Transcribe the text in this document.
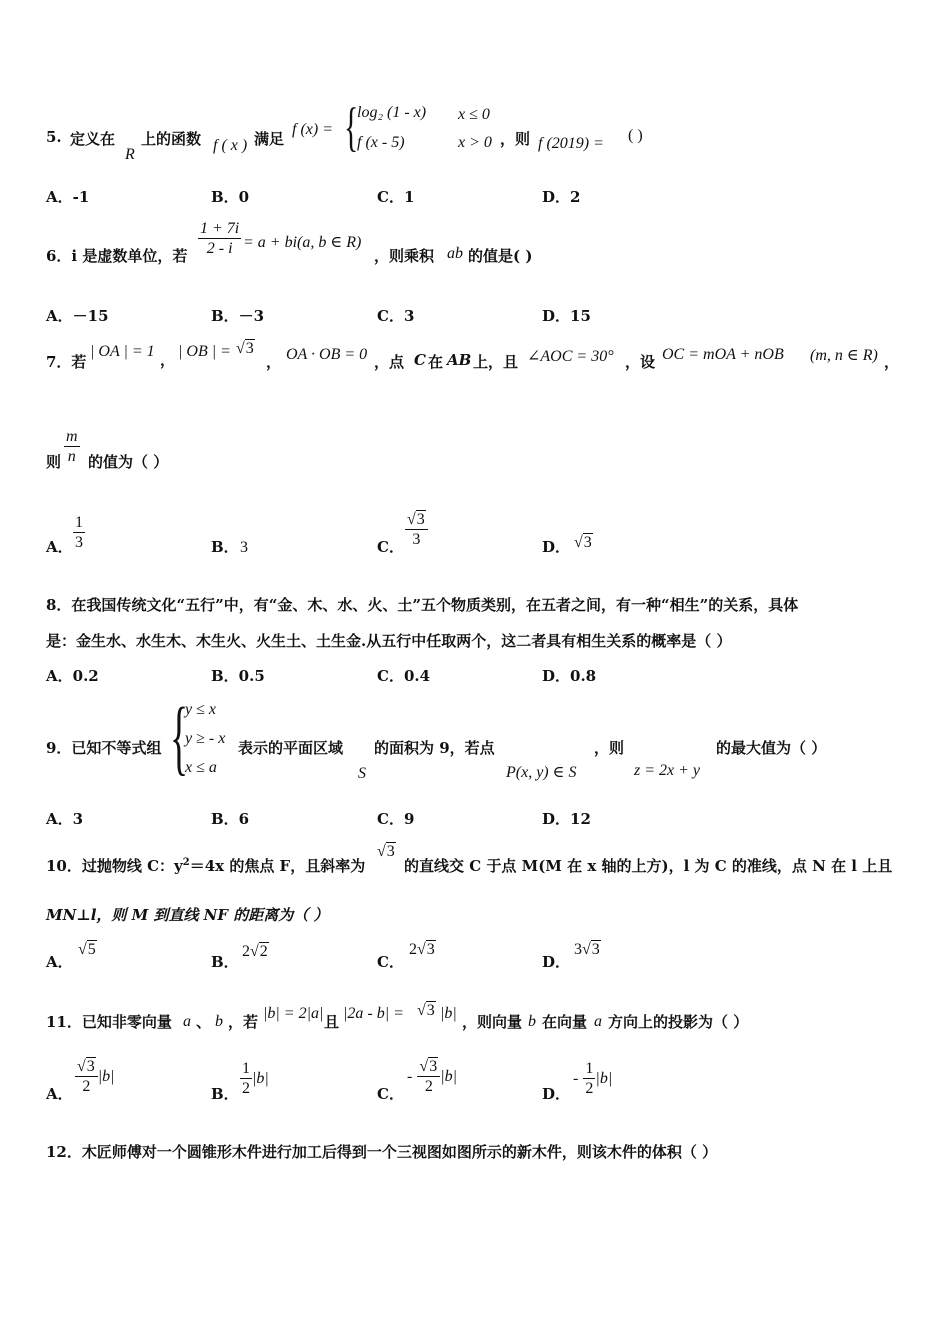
5. 定义在
R
上的函数 f ( x ) 满足
f (x) = {
log₂ (1 - x) x ≤ 0
f (x - 5)	x > 0 ，则 f (2019) = ( )
A．-1	B．0	C．1	D．2
6．i 是虚数单位，若 $\frac{1 + 7i}{2 - i} = a + bi(a$, b ∈ R)
，则乘积 ab 的值是( )
A．－15	B．－3	C．3	D．15
7．若
| OA | = 1 ， | OB | = √3
， OA · OB = 0 ，点 C 在 AB 上，且 ∠AOC = 30° ，设 OC = mOA + nOB (m, n ∈ R) ，
则 $\frac{m}{n}$ 的值为（ ）
A． $\frac{1}{3}$	B． 3	C． $\frac{√3}{3}$	D． √3
8．在我国传统文化“五行”中，有“金、木、水、火、土”五个物质类别，在五者之间，有一种“相生”的关系，具体
是：金生水、水生木、木生火、火生土、土生金.从五行中任取两个，这二者具有相生关系的概率是（ ）
A．0.2	B．0.5	C．0.4	D．0.8
9．已知不等式组 {
y ≤ x
y ≥ - x
x ≤ a
表示的平面区域
S
的面积为 9，若点
P(x, y) ∈ S
，则
z = 2x + y
的最大值为（ ）
A．3	B．6	C．9	D．12
10．过抛物线 C：$y^2=4x$ 的焦点 F，且斜率为
√3
的直线交 C 于点 M(M 在 x 轴的上方)，l 为 C 的准线，点 N 在 l 上且
MN⊥l，则 M 到直线 NF 的距离为（ ）
A．
√5
B．
2√2
C．
2√3
D．
3√3
11．已知非零向量 a 、 b ，若 |b| = 2|a| 且 |2a - b| = √3 |b| ，则向量 b 在向量 a 方向上的投影为（ ）
A． $\frac{√3}{2} |b|$
B． $\frac{1}{2} |b|$
C．
- $\frac{√3}{2} |b|$
D．
- $\frac{1}{2} |b|$
12．木匠师傅对一个圆锥形木件进行加工后得到一个三视图如图所示的新木件，则该木件的体积（ ）
